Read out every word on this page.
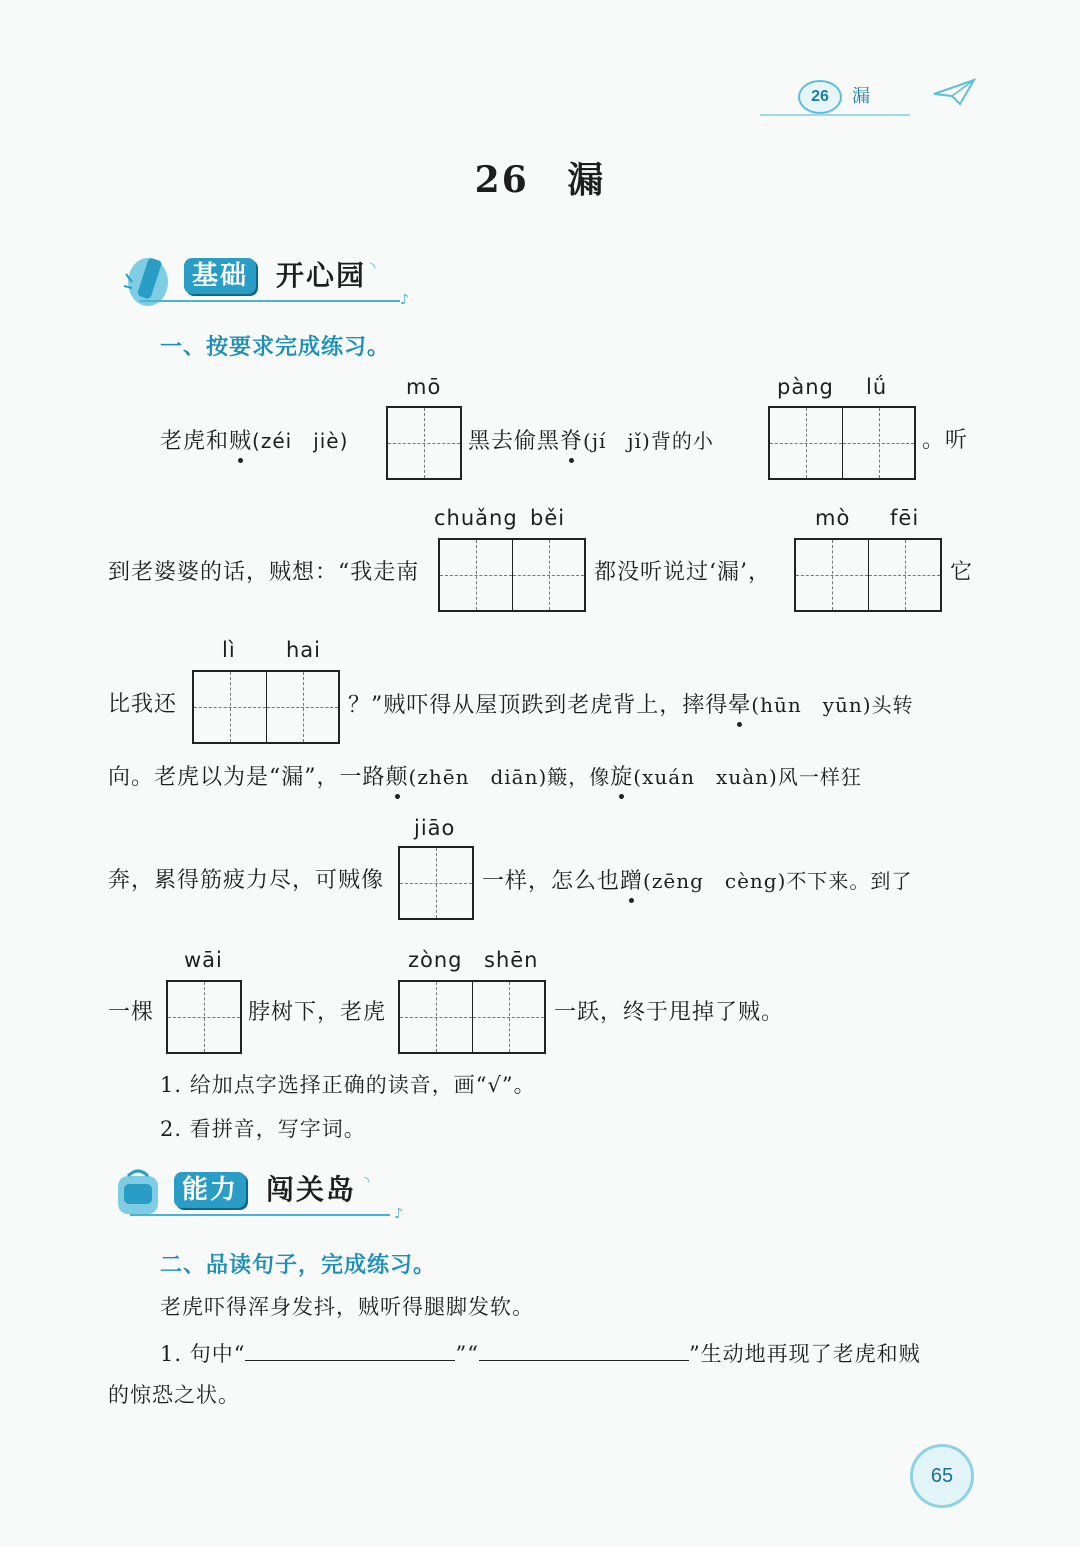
26	漏
26 漏
基础 开心园 ◝
♪
一、按要求完成练习。
mō	pàng lǘ
老虎和贼(zéi　jiè)	黑去偷黑脊(jí　jǐ)背的小	。听
chuǎng běi	mò fēi
到老婆婆的话，贼想：“我走南	都没听说过‘漏’，	它
lì hai
比我还	？”贼吓得从屋顶跌到老虎背上，摔得晕(hūn　yūn)头转
向。老虎以为是“漏”，一路颠(zhēn　diān)簸，像旋(xuán　xuàn)风一样狂
jiāo
奔，累得筋疲力尽，可贼像	一样，怎么也蹭(zēng　cèng)不下来。到了
wāi	zòng shēn
一棵	脖树下，老虎	一跃，终于甩掉了贼。
1. 给加点字选择正确的读音，画“√”。
2. 看拼音，写字词。
能力 闯关岛 ◝
♪
二、品读句子，完成练习。
老虎吓得浑身发抖，贼听得腿脚发软。
1. 句中“	”“	”生动地再现了老虎和贼
的惊恐之状。
65
